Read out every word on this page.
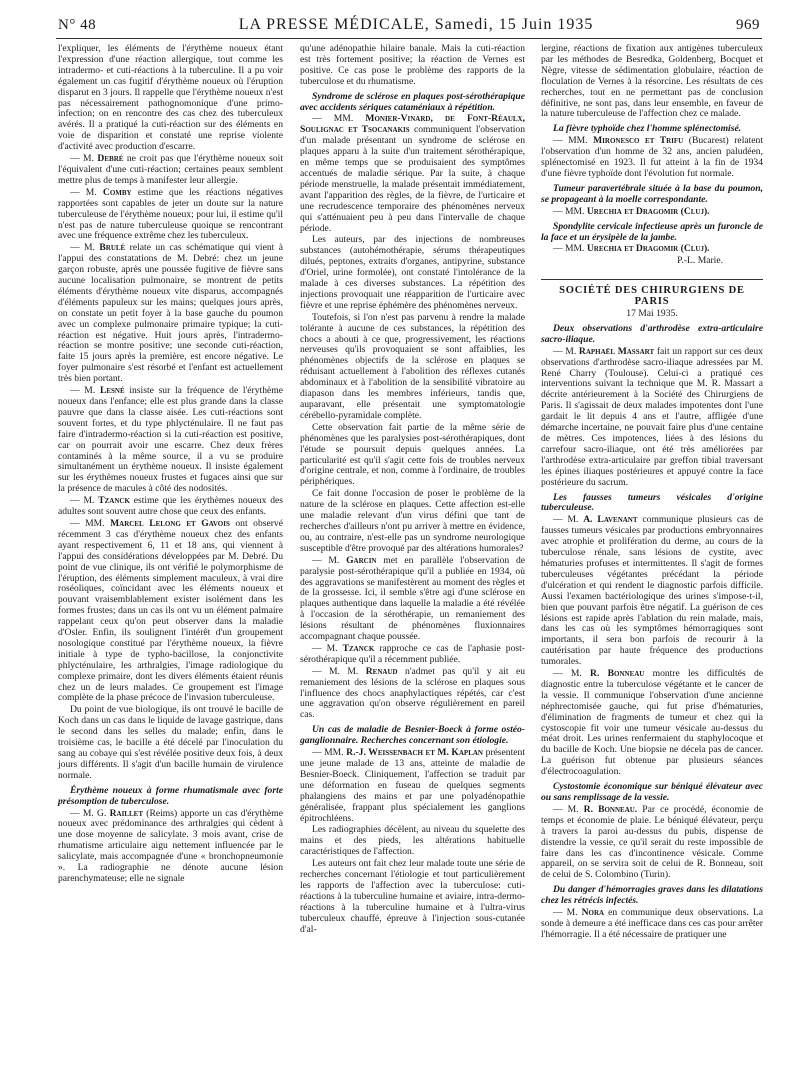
N° 48	LA PRESSE MÉDICALE, Samedi, 15 Juin 1935	969

l'expliquer, les éléments de l'érythème noueux étant l'expression d'une réaction allergique, tout comme les intradermo- et cuti-réactions à la tuberculine. Il a pu voir également un cas fugitif d'érythème noueux où l'éruption disparut en 3 jours. Il rappelle que l'érythème noueux n'est pas nécessairement pathognomonique d'une primo-infection; on en rencontre des cas chez des tuberculeux avérés. Il a pratiqué la cuti-réaction sur des éléments en voie de disparition et constaté une reprise violente d'activité avec production d'escarre.

— M. Debré ne croit pas que l'érythème noueux soit l'équivalent d'une cuti-réaction; certaines peaux semblent mettre plus de temps à manifester leur allergie.

— M. Comby estime que les réactions négatives rapportées sont capables de jeter un doute sur la nature tuberculeuse de l'érythème noueux; pour lui, il estime qu'il n'est pas de nature tuberculeuse quoique se rencontrant avec une fréquence extrême chez les tuberculeux.

— M. Brulé relate un cas schématique qui vient à l'appui des constatations de M. Debré: chez un jeune garçon robuste, après une poussée fugitive de fièvre sans aucune localisation pulmonaire, se montrent de petits éléments d'érythème noueux vite disparus, accompagnés d'éléments papuleux sur les mains; quelques jours après, on constate un petit foyer à la base gauche du poumon avec un complexe pulmonaire primaire typique; la cuti-réaction est négative. Huit jours après, l'intradermo-réaction se montre positive; une seconde cuti-réaction, faite 15 jours après la première, est encore négative. Le foyer pulmonaire s'est résorbé et l'enfant est actuellement très bien portant.

— M. Lesné insiste sur la fréquence de l'érythème noueux dans l'enfance; elle est plus grande dans la classe pauvre que dans la classe aisée. Les cuti-réactions sont souvent fortes, et du type phlycténulaire. Il ne faut pas faire d'intradermo-réaction si la cuti-réaction est positive, car on pourrait avoir une escarre. Chez deux frères contaminés à la même source, il a vu se produire simultanément un érythème noueux. Il insiste également sur les érythèmes noueux frustes et fugaces ainsi que sur la présence de macules à côté des nodosités.

— M. Tzanck estime que les érythèmes noueux des adultes sont souvent autre chose que ceux des enfants.

— MM. Marcel Lelong et Gavois ont observé récemment 3 cas d'érythème noueux chez des enfants ayant respectivement 6, 11 et 18 ans, qui viennent à l'appui des considérations développées par M. Debré. Du point de vue clinique, ils ont vérifié le polymorphisme de l'éruption, des éléments simplement maculeux, à vrai dire roséoliques, coïncidant avec les éléments noueux et pouvant vraisemblablement exister isolément dans les formes frustes; dans un cas ils ont vu un élément palmaire rappelant ceux qu'on peut observer dans la maladie d'Osler. Enfin, ils soulignent l'intérêt d'un groupement nosologique constitué par l'érythème noueux, la fièvre initiale à type de typho-bacillose, la conjonctivite phlycténulaire, les arthralgies, l'image radiologique du complexe primaire, dont les divers éléments étaient réunis chez un de leurs malades. Ce groupement est l'image complète de la phase précoce de l'invasion tuberculeuse.

Du point de vue biologique, ils ont trouvé le bacille de Koch dans un cas dans le liquide de lavage gastrique, dans le second dans les selles du malade; enfin, dans le troisième cas, le bacille a été décelé par l'inoculation du sang au cobaye qui s'est révélée positive deux fois, à deux jours différents. Il s'agit d'un bacille humain de virulence normale.

Érythème noueux à forme rhumatismale avec forte présomption de tuberculose.

— M. G. Raillet (Reims) apporte un cas d'érythème noueux avec prédominance des arthralgies qui cèdent à une dose moyenne de salicylate. 3 mois avant, crise de rhumatisme articulaire aigu nettement influencée par le salicylate, mais accompagnée d'une « bronchopneumonie ». La radiographie ne dénote aucune lésion parenchymateuse; elle ne signale

qu'une adénopathie hilaire banale. Mais la cuti-réaction est très fortement positive; la réaction de Vernes est positive. Ce cas pose le problème des rapports de la tuberculose et du rhumatisme.

Syndrome de sclérose en plaques post-sérothérapique avec accidents sériques cataméniaux à répétition.

— MM. Monier-Vinard, de Font-Réaulx, Soulignac et Tsocanakis communiquent l'observation d'un malade présentant un syndrome de sclérose en plaques apparu à la suite d'un traitement sérothérapique, en même temps que se produisaient des symptômes accentués de maladie sérique. Par la suite, à chaque période menstruelle, la malade présentait immédiatement, avant l'apparition des règles, de la fièvre, de l'urticaire et une recrudescence temporaire des phénomènes nerveux qui s'atténuaient peu à peu dans l'intervalle de chaque période.

Les auteurs, par des injections de nombreuses substances (autohémothérapie, sérums thérapeutiques dilués, peptones, extraits d'organes, antipyrine, substance d'Oriel, urine formolée), ont constaté l'intolérance de la malade à ces diverses substances. La répétition des injections provoquait une réapparition de l'urticaire avec fièvre et une reprise éphémère des phénomènes nerveux.

Toutefois, si l'on n'est pas parvenu à rendre la malade tolérante à aucune de ces substances, la répétition des chocs a abouti à ce que, progressivement, les réactions nerveuses qu'ils provoquaient se sont affaiblies, les phénomènes objectifs de la sclérose en plaques se réduisant actuellement à l'abolition des réflexes cutanés abdominaux et à l'abolition de la sensibilité vibratoire au diapason dans les membres inférieurs, tandis que, auparavant, elle présentait une symptomatologie cérébello-pyramidale complète.

Cette observation fait partie de la même série de phénomènes que les paralysies post-sérothérapiques, dont l'étude se poursuit depuis quelques années. La particularité est qu'il s'agit cette fois de troubles nerveux d'origine centrale, et non, comme à l'ordinaire, de troubles périphériques.

Ce fait donne l'occasion de poser le problème de la nature de la sclérose en plaques. Cette affection est-elle une maladie relevant d'un virus défini que tant de recherches d'ailleurs n'ont pu arriver à mettre en évidence, ou, au contraire, n'est-elle pas un syndrome neurologique susceptible d'être provoqué par des altérations humorales?

— M. Garcin met en parallèle l'observation de paralysie post-sérothérapique qu'il a publiée en 1934, où des aggravations se manifestèrent au moment des règles et de la grossesse. Ici, il semble s'être agi d'une sclérose en plaques authentique dans laquelle la maladie a été révélée à l'occasion de la sérothérapie, un remaniement des lésions résultant de phénomènes fluxionnaires accompagnant chaque poussée.

— M. Tzanck rapproche ce cas de l'aphasie post-sérothérapique qu'il a récemment publiée.

— M. M. Renaud n'admet pas qu'il y ait eu remaniement des lésions de la sclérose en plaques sous l'influence des chocs anaphylactiques répétés, car c'est une aggravation qu'on observe régulièrement en pareil cas.

Un cas de maladie de Besnier-Boeck à forme ostéo-ganglionnaire. Recherches concernant son étiologie.

— MM. R.-J. Weissenbach et M. Kaplan présentent une jeune malade de 13 ans, atteinte de maladie de Besnier-Boeck. Cliniquement, l'affection se traduit par une déformation en fuseau de quelques segments phalangiens des mains et par une polyadénopathie généralisée, frappant plus spécialement les ganglions épitrochléens.

Les radiographies décèlent, au niveau du squelette des mains et des pieds, les altérations habituelle caractéristiques de l'affection.

Les auteurs ont fait chez leur malade toute une série de recherches concernant l'étiologie et tout particulièrement les rapports de l'affection avec la tuberculose: cuti-réactions à la tuberculine humaine et aviaire, intra-dermo-réactions à la tuberculine humaine et à l'ultra-virus tuberculeux chauffé, épreuve à l'injection sous-cutanée d'al-

lergine, réactions de fixation aux antigènes tuberculeux par les méthodes de Besredka, Goldenberg, Bocquet et Nègre, vitesse de sédimentation globulaire, réaction de floculation de Vernes à la résorcine. Les résultats de ces recherches, tout en ne permettant pas de conclusion définitive, ne sont pas, dans leur ensemble, en faveur de la nature tuberculeuse de l'affection chez ce malade.

La fièvre typhoïde chez l'homme splénectomisé.

— MM. Mironesco et Trifu (Bucarest) relatent l'observation d'un homme de 32 ans, ancien paludéen, splénectomisé en 1923. Il fut atteint à la fin de 1934 d'une fièvre typhoïde dont l'évolution fut normale.

Tumeur paravertébrale située à la base du poumon, se propageant à la moelle correspondante.

— MM. Urechia et Dragomir (Cluj).

Spondylite cervicale infectieuse après un furoncle de la face et un érysipèle de la jambe.

— MM. Urechia et Dragomir (Cluj).

P.-L. Marie.

SOCIÉTÉ DES CHIRURGIENS DE PARIS

17 Mai 1935.

Deux observations d'arthrodèse extra-articulaire sacro-iliaque.

— M. Raphaël Massart fait un rapport sur ces deux observations d'arthrodèse sacro-iliaque adressées par M. René Charry (Toulouse). Celui-ci a pratiqué ces interventions suivant la technique que M. R. Massart a décrite antérieurement à la Société des Chirurgiens de Paris. Il s'agissait de deux malades impotentes dont l'une gardait le lit depuis 4 ans et l'autre, affligée d'une démarche incertaine, ne pouvait faire plus d'une centaine de mètres. Ces impotences, liées à des lésions du carrefour sacro-iliaque, ont été très améliorées par l'arthrodèse extra-articulaire par greffon tibial traversant les épines iliaques postérieures et appuyé contre la face postérieure du sacrum.

Les fausses tumeurs vésicales d'origine tuberculeuse.

— M. A. Lavenant communique plusieurs cas de fausses tumeurs vésicales par productions embryonnaires avec atrophie et prolifération du derme, au cours de la tuberculose rénale, sans lésions de cystite, avec hématuries profuses et intermittentes. Il s'agit de formes tuberculeuses végétantes précédant la période d'ulcération et qui rendent le diagnostic parfois difficile. Aussi l'examen bactériologique des urines s'impose-t-il, bien que pouvant parfois être négatif. La guérison de ces lésions est rapide après l'ablation du rein malade, mais, dans les cas où les symptômes hémorragiques sont importants, il sera bon parfois de recourir à la cautérisation par haute fréquence des productions tumorales.

— M. R. Bonneau montre les difficultés de diagnostic entre la tuberculose végétante et le cancer de la vessie. Il communique l'observation d'une ancienne néphrectomisée gauche, qui fut prise d'hématuries, d'élimination de fragments de tumeur et chez qui la cystoscopie fit voir une tumeur vésicale au-dessus du méat droit. Les urines renfermaient du staphylocoque et du bacille de Koch. Une biopsie ne décela pas de cancer. La guérison fut obtenue par plusieurs séances d'électrocoagulation.

Cystostomie économique sur béniqué élévateur avec ou sans remplissage de la vessie.

— M. R. Bonneau. Par ce procédé, économie de temps et économie de plaie. Le béniqué élévateur, perçu à travers la paroi au-dessus du pubis, dispense de distendre la vessie, ce qu'il serait du reste impossible de faire dans les cas d'incontinence vésicale. Comme appareil, on se servira soit de celui de R. Bonneau, soit de celui de S. Colombino (Turin).

Du danger d'hémorragies graves dans les dilatations chez les rétrécis infectés.

— M. Nora en communique deux observations. La sonde à demeure a été inefficace dans ces cas pour arrêter l'hémorragie. Il a été nécessaire de pratiquer une
